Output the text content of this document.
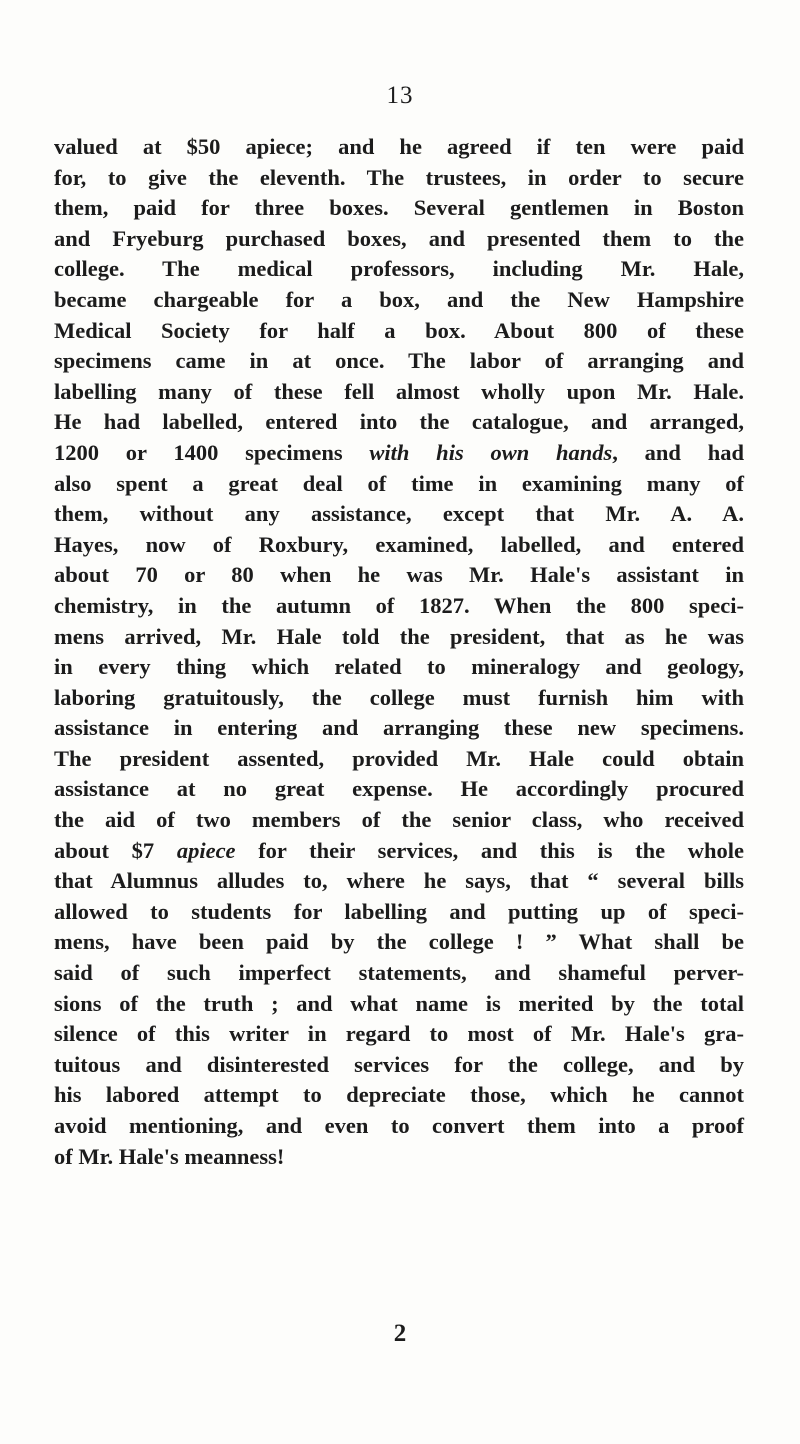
13
valued at $50 apiece; and he agreed if ten were paid
for, to give the eleventh. The trustees, in order to secure
them, paid for three boxes. Several gentlemen in Boston
and Fryeburg purchased boxes, and presented them to the
college. The medical professors, including Mr. Hale,
became chargeable for a box, and the New Hampshire
Medical Society for half a box. About 800 of these
specimens came in at once. The labor of arranging and
labelling many of these fell almost wholly upon Mr. Hale.
He had labelled, entered into the catalogue, and arranged,
1200 or 1400 specimens with his own hands, and had
also spent a great deal of time in examining many of
them, without any assistance, except that Mr. A. A.
Hayes, now of Roxbury, examined, labelled, and entered
about 70 or 80 when he was Mr. Hale's assistant in
chemistry, in the autumn of 1827. When the 800 speci-
mens arrived, Mr. Hale told the president, that as he was
in every thing which related to mineralogy and geology,
laboring gratuitously, the college must furnish him with
assistance in entering and arranging these new specimens.
The president assented, provided Mr. Hale could obtain
assistance at no great expense. He accordingly procured
the aid of two members of the senior class, who received
about $7 apiece for their services, and this is the whole
that Alumnus alludes to, where he says, that “ several bills
allowed to students for labelling and putting up of speci-
mens, have been paid by the college ! ” What shall be
said of such imperfect statements, and shameful perver-
sions of the truth ; and what name is merited by the total
silence of this writer in regard to most of Mr. Hale's gra-
tuitous and disinterested services for the college, and by
his labored attempt to depreciate those, which he cannot
avoid mentioning, and even to convert them into a proof
of Mr. Hale's meanness!
2
